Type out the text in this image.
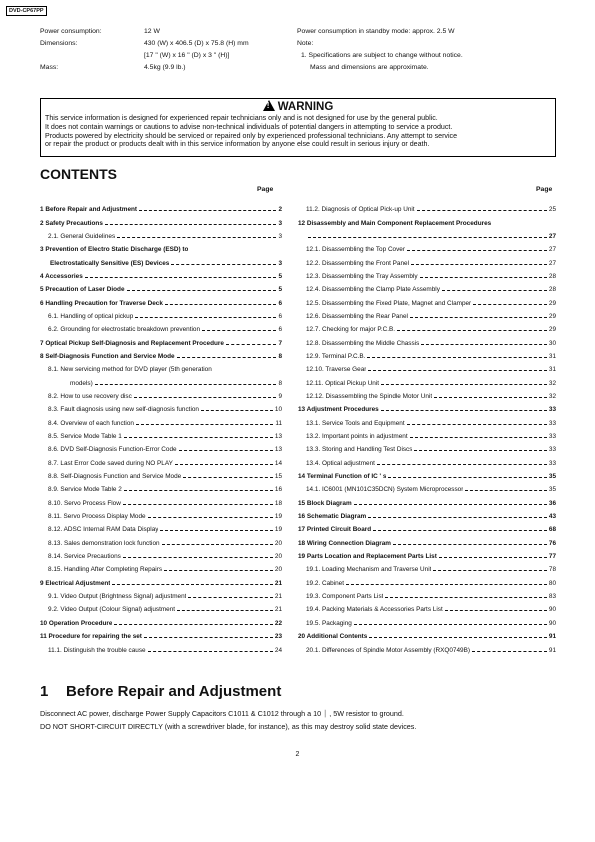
DVD-CP67PP
Power consumption:	12 W
Dimensions:	430 (W) x 406.5 (D) x 75.8 (H) mm
[17 " (W) x 16 " (D) x 3 " (H)]
Mass:	4.5kg (9.9 lb.)
Power consumption in standby mode: approx. 2.5 W
Note:
1. Specifications are subject to change without notice.
Mass and dimensions are approximate.
!WARNING
This service information is designed for experienced repair technicians only and is not designed for use by the general public.
It does not contain warnings or cautions to advise non-technical individuals of potential dangers in attempting to service a product.
Products powered by electricity should be serviced or repaired only by experienced professional technicians. Any attempt to service
or repair the product or products dealt with in this service information by anyone else could result in serious injury or death.
CONTENTS
Page	Page
1 Before Repair and Adjustment	2
2 Safety Precautions	3
2.1. General Guidelines	3
3 Prevention of Electro Static Discharge (ESD) to
Electrostatically Sensitive (ES) Devices	3
4 Accessories	5
5 Precaution of Laser Diode	5
6 Handling Precaution for Traverse Deck	6
6.1. Handling of optical pickup	6
6.2. Grounding for electrostatic breakdown prevention	6
7 Optical Pickup Self-Diagnosis and Replacement Procedure	7
8 Self-Diagnosis Function and Service Mode	8
8.1. New servicing method for DVD player (5th generation
models)	8
8.2. How to use recovery disc	9
8.3. Fault diagnosis using new self-diagnosis function	10
8.4. Overview of each function	11
8.5. Service Mode Table 1	13
8.6. DVD Self-Diagnosis Function-Error Code	13
8.7. Last Error Code saved during NO PLAY	14
8.8. Self-Diagnosis Function and Service Mode	15
8.9. Service Mode Table 2	16
8.10. Servo Process Flow	18
8.11. Servo Process Display Mode	19
8.12. ADSC Internal RAM Data Display	19
8.13. Sales demonstration lock function	20
8.14. Service Precautions	20
8.15. Handling After Completing Repairs	20
9 Electrical Adjustment	21
9.1. Video Output (Brightness Signal) adjustment	21
9.2. Video Output (Colour Signal) adjustment	21
10 Operation Procedure	22
11 Procedure for repairing the set	23
11.1. Distinguish the trouble cause	24
11.2. Diagnosis of Optical Pick-up Unit	25
12 Disassembly and Main Component Replacement Procedures
27
12.1. Disassembling the Top Cover	27
12.2. Disassembling the Front Panel	27
12.3. Disassembling the Tray Assembly	28
12.4. Disassembling the Clamp Plate Assembly	28
12.5. Disassembling the Fixed Plate, Magnet and Clamper	29
12.6. Disassembling the Rear Panel	29
12.7. Checking for major P.C.B.	29
12.8. Disassembling the Middle Chassis	30
12.9. Terminal P.C.B.	31
12.10. Traverse Gear	31
12.11. Optical Pickup Unit	32
12.12. Disassembling the Spindle Motor Unit	32
13 Adjustment Procedures	33
13.1. Service Tools and Equipment	33
13.2. Important points in adjustment	33
13.3. Storing and Handling Test Discs	33
13.4. Optical adjustment	33
14 Terminal Function of IC ' s	35
14.1. IC6001 (MN101C35DCN) System Microprocessor	35
15 Block Diagram	36
16 Schematic Diagram	43
17 Printed Circuit Board	68
18 Wiring Connection Diagram	76
19 Parts Location and Replacement Parts List	77
19.1. Loading Mechanism and Traverse Unit	78
19.2. Cabinet	80
19.3. Component Parts List	83
19.4. Packing Materials & Accessories Parts List	90
19.5. Packaging	90
20 Additional Contents	91
20.1. Differences of Spindle Motor Assembly (RXQ0749B)	91
1 Before Repair and Adjustment
Disconnect AC power, discharge Power Supply Capacitors C1011 & C1012 through a 10 ⏐ , 5W resistor to ground.
DO NOT SHORT-CIRCUIT DIRECTLY (with a screwdriver blade, for instance), as this may destroy solid state devices.
2
